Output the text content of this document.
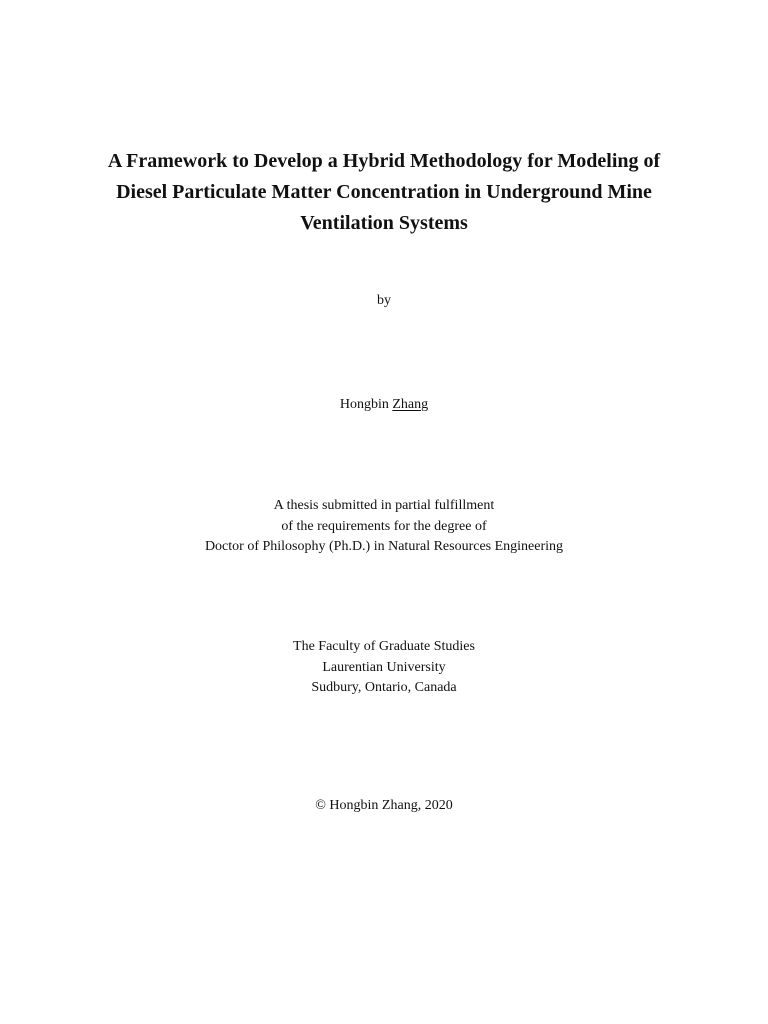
A Framework to Develop a Hybrid Methodology for Modeling of
Diesel Particulate Matter Concentration in Underground Mine
Ventilation Systems
by
Hongbin Zhang
A thesis submitted in partial fulfillment
of the requirements for the degree of
Doctor of Philosophy (Ph.D.) in Natural Resources Engineering
The Faculty of Graduate Studies
Laurentian University
Sudbury, Ontario, Canada
© Hongbin Zhang, 2020
